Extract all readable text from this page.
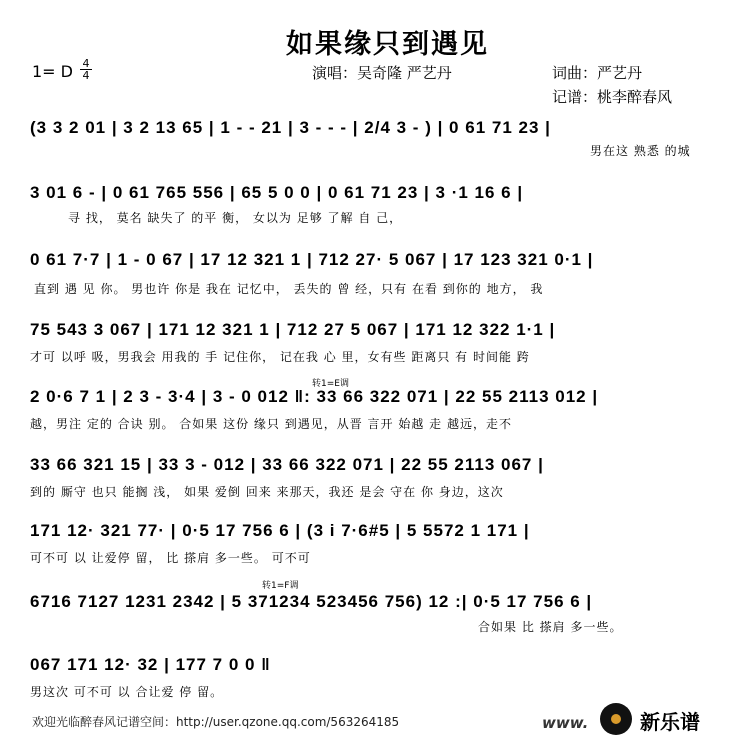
如果缘只到遇见
1= D 4
4	演唱：吴奇隆 严艺丹	词曲：严艺丹
记谱：桃李醉春风
(3 3 2 01 | 3 2 13 65 | 1 - - 21 | 3 - - - | 2/4 3 - ) | 0 61 71 23 |
男在这 熟悉 的城
3 01 6 - | 0 61 765 556 | 65 5 0 0 | 0 61 71 23 | 3 ·1 16 6 |
寻 找， 莫名 缺失了 的平 衡， 女以为 足够 了解 自 己，
0 61 7·7 | 1 - 0 67 | 17 12 321 1 | 712 27· 5 067 | 17 123 321 0·1 |
直到 遇 见 你。 男也许 你是 我在 记忆中， 丢失的 曾 经，只有 在看 到你的 地方， 我
75 543 3 067 | 171 12 321 1 | 712 27 5 067 | 171 12 322 1·1 |
才可 以呼 吸，男我会 用我的 手 记住你， 记在我 心 里，女有些 距离只 有 时间能 跨
转1=E调
2 0·6 7 1 | 2 3 - 3·4 | 3 - 0 012 ‖: 33 66 322 071 | 22 55 2113 012 |
越，男注 定的 合诀 别。 合如果 这份 缘只 到遇见，从晋 言开 始越 走 越远，走不
33 66 321 15 | 33 3 - 012 | 33 66 322 071 | 22 55 2113 067 |
到的 厮守 也只 能搁 浅， 如果 爱倒 回来 来那天，我还 是会 守在 你 身边，这次
171 12· 321 77· | 0·5 17 756 6 | (3 i 7·6#5 | 5 5572 1 171 |
可不可 以 让爱停 留， 比 搽肩 多一些。 可不可
转1=F调
6716 7127 1231 2342 | 5 371234 523456 756) 12 :| 0·5 17 756 6 |
合如果 比 搽肩 多一些。
067 171 12· 32 | 177 7 0 0 ‖
男这次 可不可 以 合让爱 停 留。
欢迎光临醉春风记谱空间：http://user.qzone.qq.com/563264185	www.	新乐谱
